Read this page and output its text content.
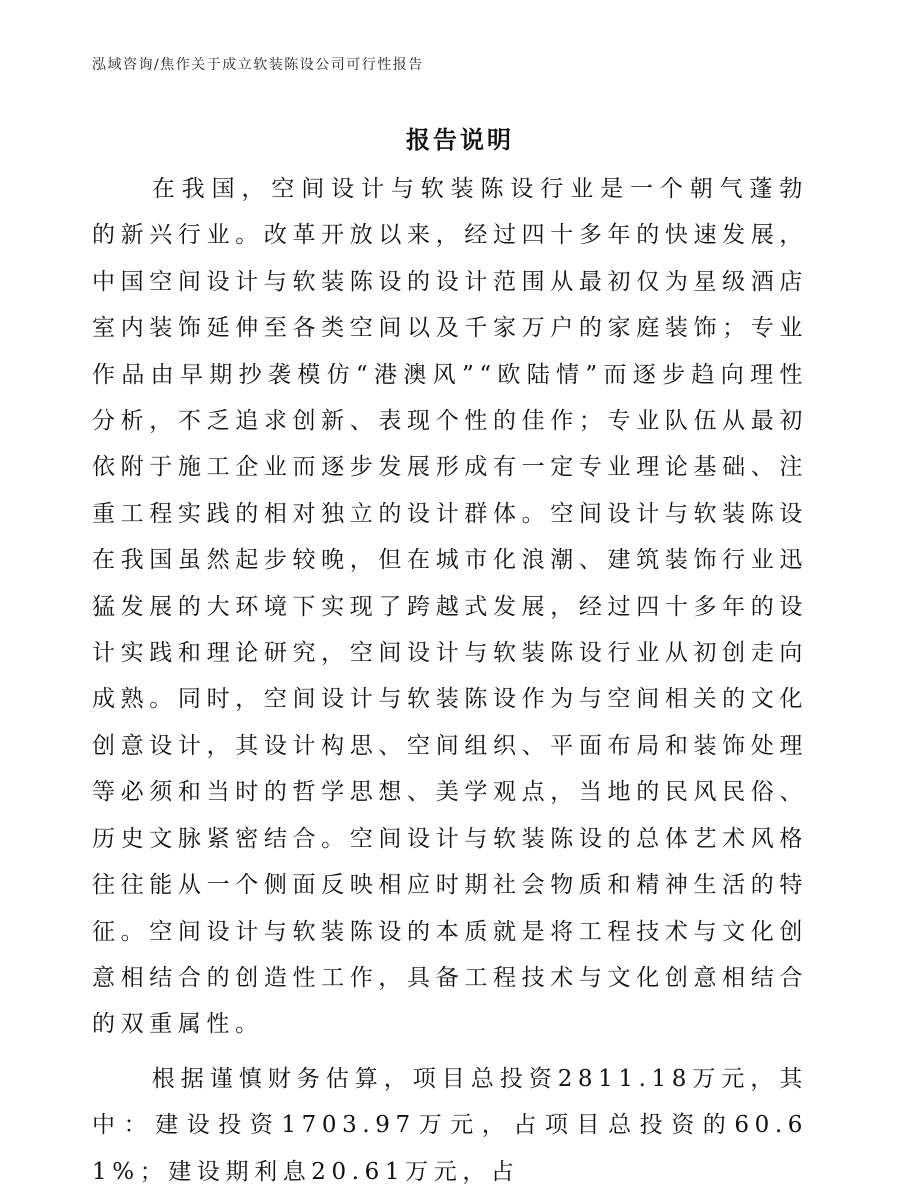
泓域咨询/焦作关于成立软装陈设公司可行性报告
报告说明

在我国，空间设计与软装陈设行业是一个朝气蓬勃的新兴行业。改革开放以来，经过四十多年的快速发展，中国空间设计与软装陈设的设计范围从最初仅为星级酒店室内装饰延伸至各类空间以及千家万户的家庭装饰；专业作品由早期抄袭模仿“港澳风”“欧陆情”而逐步趋向理性分析，不乏追求创新、表现个性的佳作；专业队伍从最初依附于施工企业而逐步发展形成有一定专业理论基础、注重工程实践的相对独立的设计群体。空间设计与软装陈设在我国虽然起步较晚，但在城市化浪潮、建筑装饰行业迅猛发展的大环境下实现了跨越式发展，经过四十多年的设计实践和理论研究，空间设计与软装陈设行业从初创走向成熟。同时，空间设计与软装陈设作为与空间相关的文化创意设计，其设计构思、空间组织、平面布局和装饰处理等必须和当时的哲学思想、美学观点，当地的民风民俗、历史文脉紧密结合。空间设计与软装陈设的总体艺术风格往往能从一个侧面反映相应时期社会物质和精神生活的特征。空间设计与软装陈设的本质就是将工程技术与文化创意相结合的创造性工作，具备工程技术与文化创意相结合的双重属性。

根据谨慎财务估算，项目总投资2811.18万元，其中：建设投资1703.97万元，占项目总投资的60.61%；建设期利息20.61万元，占
